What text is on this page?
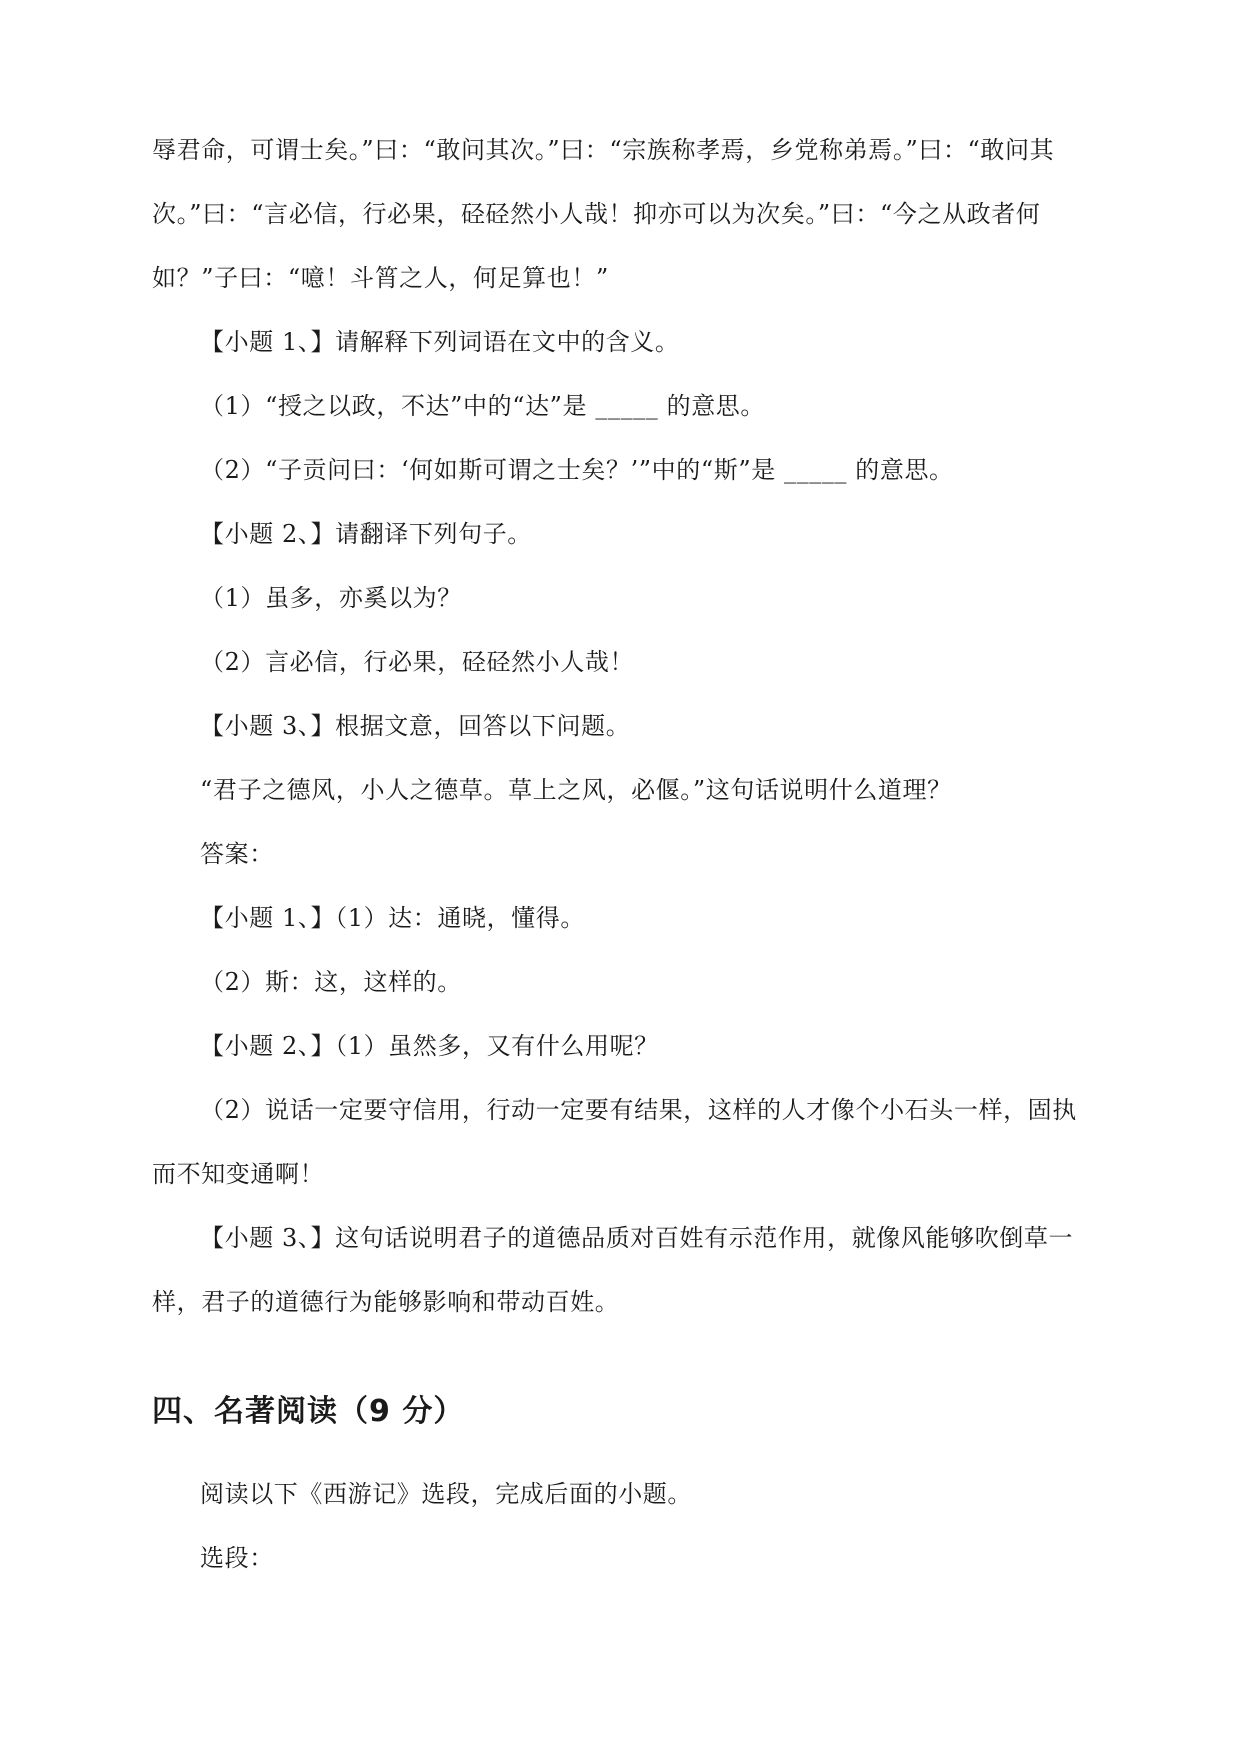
辱君命，可谓士矣。”曰：“敢问其次。”曰：“宗族称孝焉，乡党称弟焉。”曰：“敢问其
次。”曰：“言必信，行必果，硁硁然小人哉！抑亦可以为次矣。”曰：“今之从政者何
如？”子曰：“噫！斗筲之人，何足算也！”
【小题 1、】请解释下列词语在文中的含义。
（1）“授之以政，不达”中的“达”是 _____ 的意思。
（2）“子贡问曰：‘何如斯可谓之士矣？’”中的“斯”是 _____ 的意思。
【小题 2、】请翻译下列句子。
（1）虽多，亦奚以为？
（2）言必信，行必果，硁硁然小人哉！
【小题 3、】根据文意，回答以下问题。
“君子之德风，小人之德草。草上之风，必偃。”这句话说明什么道理？
答案：
【小题 1、】（1）达：通晓，懂得。
（2）斯：这，这样的。
【小题 2、】（1）虽然多，又有什么用呢？
（2）说话一定要守信用，行动一定要有结果，这样的人才像个小石头一样，固执
而不知变通啊！
【小题 3、】这句话说明君子的道德品质对百姓有示范作用，就像风能够吹倒草一
样，君子的道德行为能够影响和带动百姓。
四、名著阅读（9 分）
阅读以下《西游记》选段，完成后面的小题。
选段：
